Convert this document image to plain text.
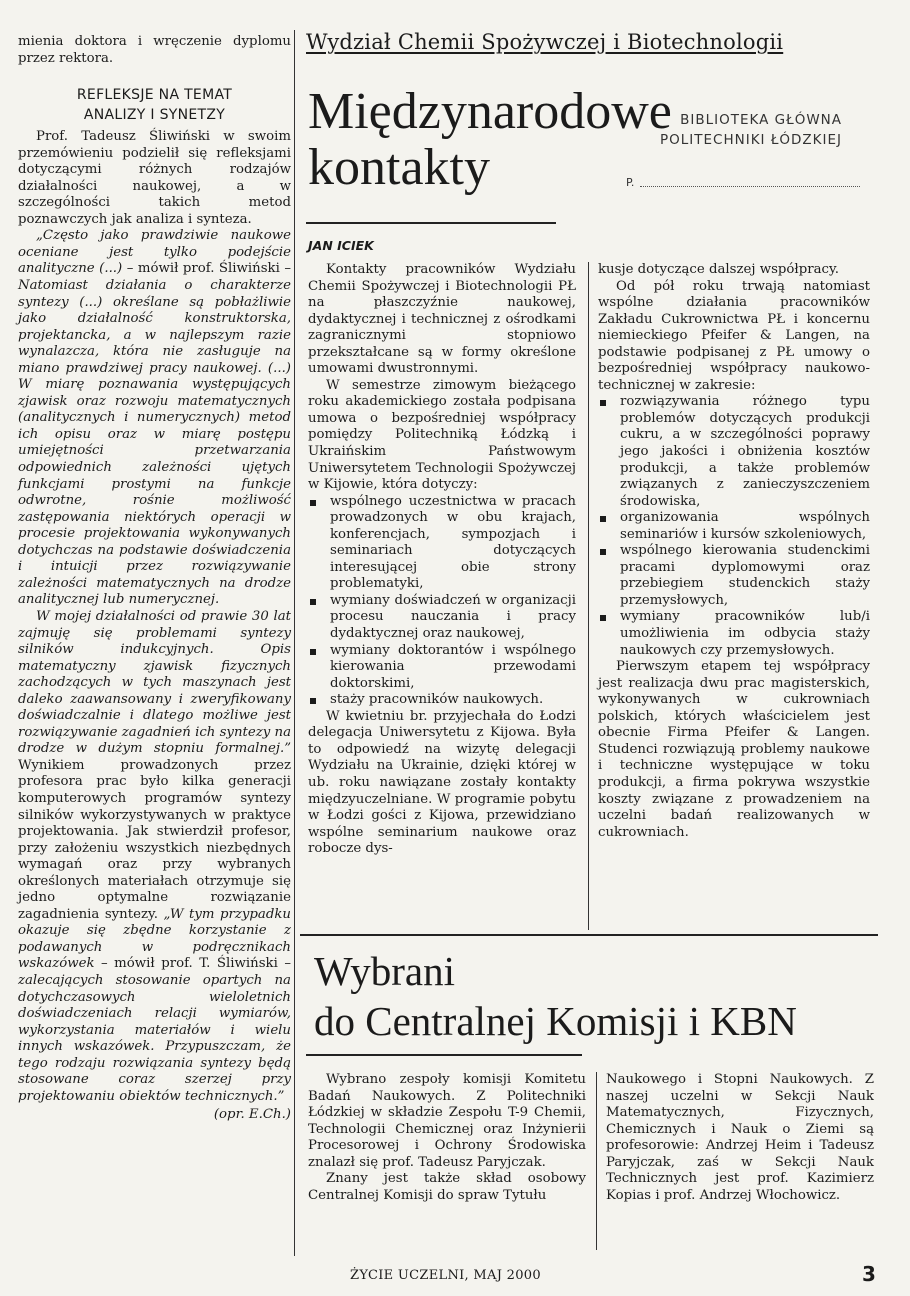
mienia doktora i wręczenie dyplomu przez rektora.

REFLEKSJE NA TEMAT
ANALIZY I SYNETZY

Prof. Tadeusz Śliwiński w swoim przemówieniu podzielił się refleksjami dotyczącymi różnych rodzajów działalności naukowej, a w szczególności takich metod poznawczych jak analiza i synteza.

„Często jako prawdziwie naukowe oceniane jest tylko podejście analityczne (...) – mówił prof. Śliwiński – Natomiast działania o charakterze syntezy (...) określane są pobłażliwie jako działalność konstruktorska, projektancka, a w najlepszym razie wynalazcza, która nie zasługuje na miano prawdziwej pracy naukowej. (...) W miarę poznawania występujących zjawisk oraz rozwoju matematycznych (analitycznych i numerycznych) metod ich opisu oraz w miarę postępu umiejętności przetwarzania odpowiednich zależności ujętych funkcjami prostymi na funkcje odwrotne, rośnie możliwość zastępowania niektórych operacji w procesie projektowania wykonywanych dotychczas na podstawie doświadczenia i intuicji przez rozwiązywanie zależności matematycznych na drodze analitycznej lub numerycznej.

W mojej działalności od prawie 30 lat zajmuję się problemami syntezy silników indukcyjnych. Opis matematyczny zjawisk fizycznych zachodzących w tych maszynach jest daleko zaawansowany i zweryfikowany doświadczalnie i dlatego możliwe jest rozwiązywanie zagadnień ich syntezy na drodze w dużym stopniu formalnej.” Wynikiem prowadzonych przez profesora prac było kilka generacji komputerowych programów syntezy silników wykorzystywanych w praktyce projektowania. Jak stwierdził profesor, przy założeniu wszystkich niezbędnych wymagań oraz przy wybranych określonych materiałach otrzymuje się jedno optymalne rozwiązanie zagadnienia syntezy. „W tym przypadku okazuje się zbędne korzystanie z podawanych w podręcznikach wskazówek – mówił prof. T. Śliwiński – zalecających stosowanie opartych na dotychczasowych wieloletnich doświadczeniach relacji wymiarów, wykorzystania materiałów i wielu innych wskazówek. Przypuszczam, że tego rodzaju rozwiązania syntezy będą stosowane coraz szerzej przy projektowaniu obiektów technicznych.”

(opr. E.Ch.)
Wydział Chemii Spożywczej i Biotechnologii
Międzynarodowe
kontakty
BIBLIOTEKA GŁÓWNA
POLITECHNIKI ŁÓDZKIEJ
P.
JAN ICIEK

Kontakty pracowników Wydziału Chemii Spożywczej i Biotechnologii PŁ na płaszczyźnie naukowej, dydaktycznej i technicznej z ośrodkami zagranicznymi stopniowo przekształcane są w formy określone umowami dwustronnymi.

W semestrze zimowym bieżącego roku akademickiego została podpisana umowa o bezpośredniej współpracy pomiędzy Politechniką Łódzką i Ukraińskim Państwowym Uniwersytetem Technologii Spożywczej w Kijowie, która dotyczy:

wspólnego uczestnictwa w pracach prowadzonych w obu krajach, konferencjach, sympozjach i seminariach dotyczących interesującej obie strony problematyki,
wymiany doświadczeń w organizacji procesu nauczania i pracy dydaktycznej oraz naukowej,
wymiany doktorantów i wspólnego kierowania przewodami doktorskimi,
staży pracowników naukowych.

W kwietniu br. przyjechała do Łodzi delegacja Uniwersytetu z Kijowa. Była to odpowiedź na wizytę delegacji Wydziału na Ukrainie, dzięki której w ub. roku nawiązane zostały kontakty międzyuczelniane. W programie pobytu w Łodzi gości z Kijowa, przewidziano wspólne seminarium naukowe oraz robocze dys-

kusje dotyczące dalszej współpracy.

Od pół roku trwają natomiast wspólne działania pracowników Zakładu Cukrownictwa PŁ i koncernu niemieckiego Pfeifer & Langen, na podstawie podpisanej z PŁ umowy o bezpośredniej współpracy naukowo-technicznej w zakresie:

rozwiązywania różnego typu problemów dotyczących produkcji cukru, a w szczególności poprawy jego jakości i obniżenia kosztów produkcji, a także problemów związanych z zanieczyszczeniem środowiska,
organizowania wspólnych seminariów i kursów szkoleniowych,
wspólnego kierowania studenckimi pracami dyplomowymi oraz przebiegiem studenckich staży przemysłowych,
wymiany pracowników lub/i umożliwienia im odbycia staży naukowych czy przemysłowych.

Pierwszym etapem tej współpracy jest realizacja dwu prac magisterskich, wykonywanych w cukrowniach polskich, których właścicielem jest obecnie Firma Pfeifer & Langen. Studenci rozwiązują problemy naukowe i techniczne występujące w toku produkcji, a firma pokrywa wszystkie koszty związane z prowadzeniem na uczelni badań realizowanych w cukrowniach.

Wybrani
do Centralnej Komisji i KBN

Wybrano zespoły komisji Komitetu Badań Naukowych. Z Politechniki Łódzkiej w składzie Zespołu T-9 Chemii, Technologii Chemicznej oraz Inżynierii Procesorowej i Ochrony Środowiska znalazł się prof. Tadeusz Paryjczak.

Znany jest także skład osobowy Centralnej Komisji do spraw Tytułu

Naukowego i Stopni Naukowych. Z naszej uczelni w Sekcji Nauk Matematycznych, Fizycznych, Chemicznych i Nauk o Ziemi są profesorowie: Andrzej Heim i Tadeusz Paryjczak, zaś w Sekcji Nauk Technicznych jest prof. Kazimierz Kopias i prof. Andrzej Włochowicz.

ŻYCIE UCZELNI, MAJ 2000	3
